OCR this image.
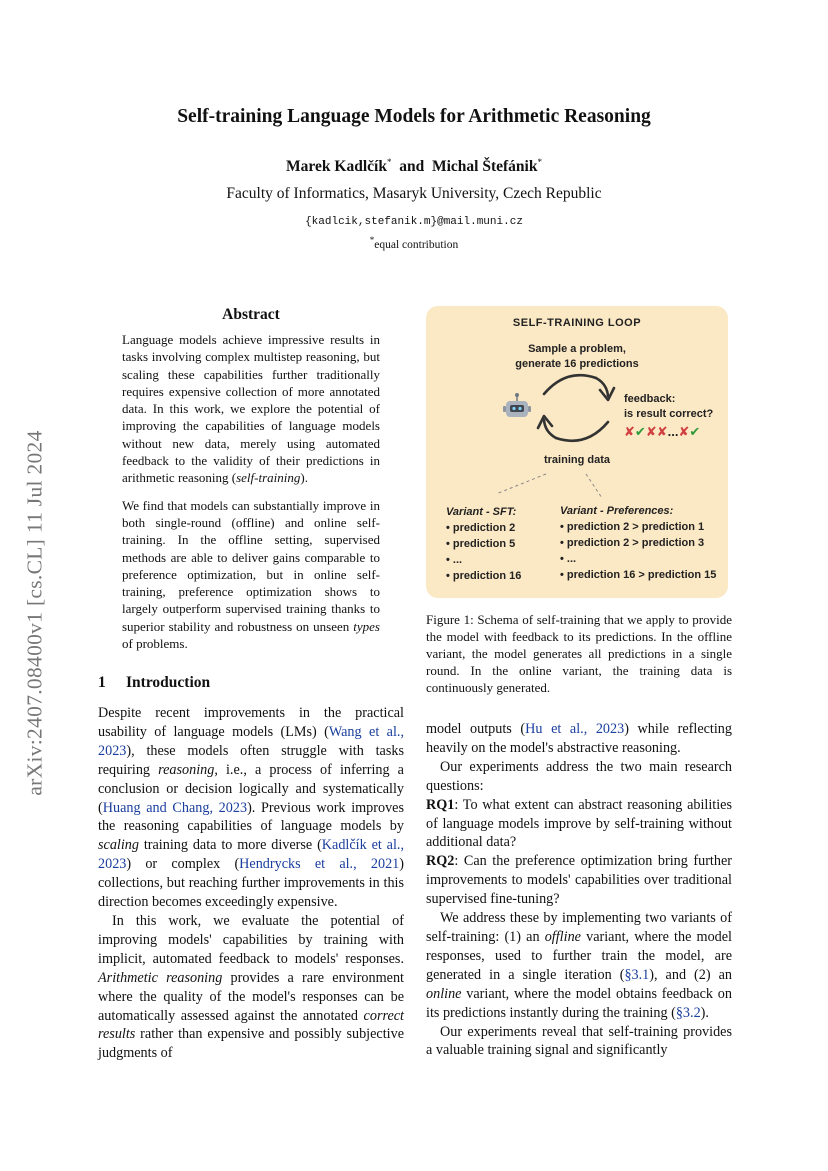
Self-training Language Models for Arithmetic Reasoning
Marek Kadlčík* and Michal Štefánik*
Faculty of Informatics, Masaryk University, Czech Republic
{kadlcik,stefanik.m}@mail.muni.cz
*equal contribution
arXiv:2407.08400v1 [cs.CL] 11 Jul 2024
Abstract

Language models achieve impressive results in tasks involving complex multistep reasoning, but scaling these capabilities further traditionally requires expensive collection of more annotated data. In this work, we explore the potential of improving the capabilities of language models without new data, merely using automated feedback to the validity of their predictions in arithmetic reasoning (self-training).

We find that models can substantially improve in both single-round (offline) and online self-training. In the offline setting, supervised methods are able to deliver gains comparable to preference optimization, but in online self-training, preference optimization shows to largely outperform supervised training thanks to superior stability and robustness on unseen types of problems.

SELF-TRAINING LOOP
Sample a problem,
generate 16 predictions
feedback:
is result correct?
✘✔✘✘...✘✔
training data
Variant - SFT:
• prediction 2
• prediction 5
• ...
• prediction 16
Variant - Preferences:
• prediction 2 > prediction 1
• prediction 2 > prediction 3
• ...
• prediction 16 > prediction 15
Figure 1: Schema of self-training that we apply to provide the model with feedback to its predictions. In the offline variant, the model generates all predictions in a single round. In the online variant, the training data is continuously generated.
1 Introduction

Despite recent improvements in the practical usability of language models (LMs) (Wang et al., 2023), these models often struggle with tasks requiring reasoning, i.e., a process of inferring a conclusion or decision logically and systematically (Huang and Chang, 2023). Previous work improves the reasoning capabilities of language models by scaling training data to more diverse (Kadlčík et al., 2023) or complex (Hendrycks et al., 2021) collections, but reaching further improvements in this direction becomes exceedingly expensive.

In this work, we evaluate the potential of improving models' capabilities by training with implicit, automated feedback to models' responses. Arithmetic reasoning provides a rare environment where the quality of the model's responses can be automatically assessed against the annotated correct results rather than expensive and possibly subjective judgments of

model outputs (Hu et al., 2023) while reflecting heavily on the model's abstractive reasoning.

Our experiments address the two main research questions:

RQ1: To what extent can abstract reasoning abilities of language models improve by self-training without additional data?

RQ2: Can the preference optimization bring further improvements to models' capabilities over traditional supervised fine-tuning?

We address these by implementing two variants of self-training: (1) an offline variant, where the model responses, used to further train the model, are generated in a single iteration (§3.1), and (2) an online variant, where the model obtains feedback on its predictions instantly during the training (§3.2).

Our experiments reveal that self-training provides a valuable training signal and significantly
